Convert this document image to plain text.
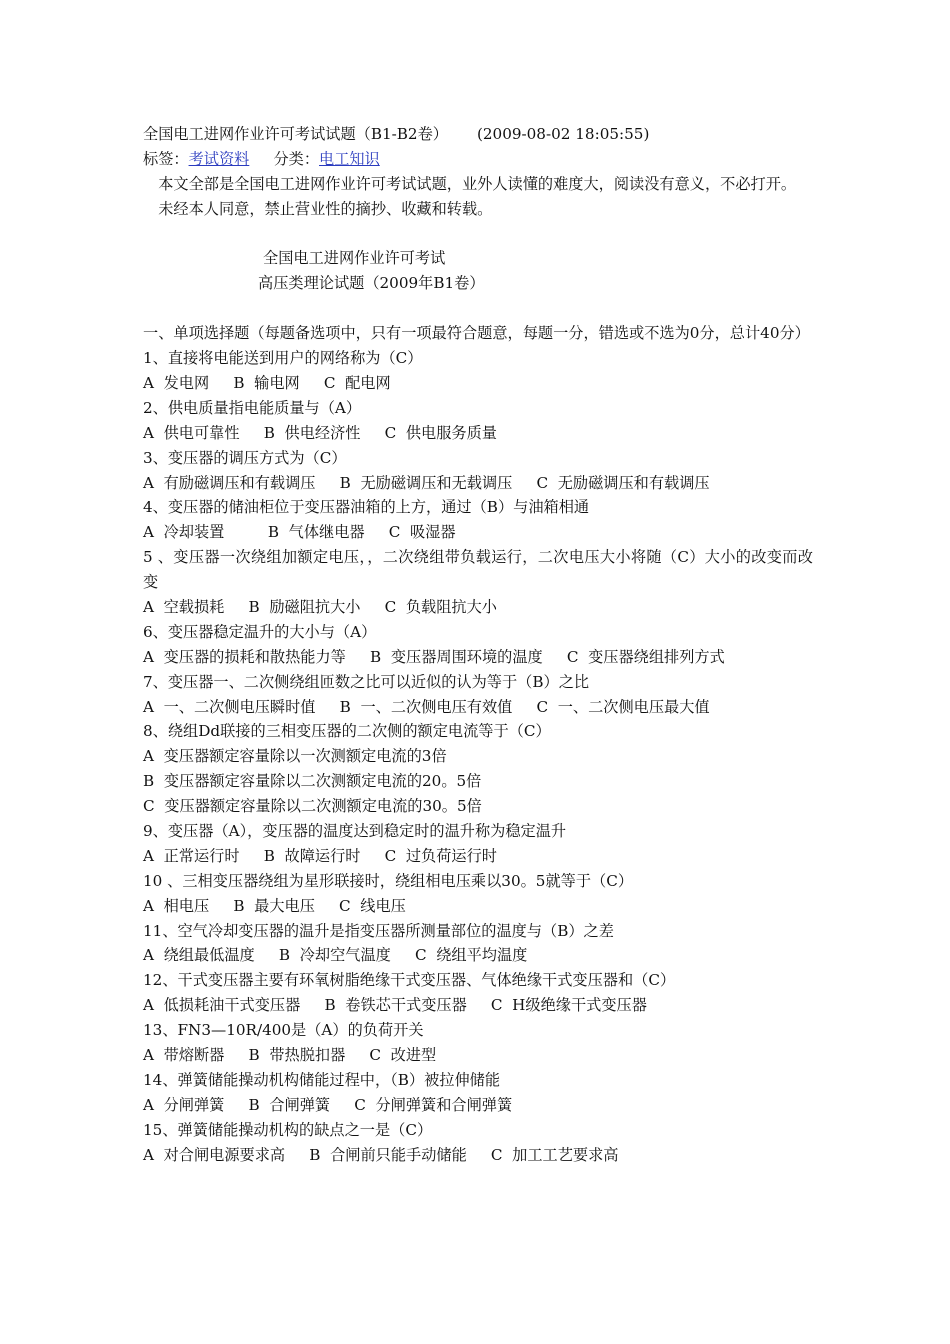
全国电工进网作业许可考试试题（B1-B2卷） (2009-08-02 18:05:55)
标签：考试资料 分类：电工知识
本文全部是全国电工进网作业许可考试试题，业外人读懂的难度大，阅读没有意义，不必打开。
未经本人同意，禁止营业性的摘抄、收藏和转载。
全国电工进网作业许可考试
高压类理论试题（2009年B1卷）
一、单项选择题（每题备选项中，只有一项最符合题意，每题一分，错选或不选为0分，总计40分）
1、直接将电能送到用户的网络称为（C）
A  发电网     B  输电网     C  配电网
2、供电质量指电能质量与（A）
A  供电可靠性     B  供电经济性     C  供电服务质量
3、变压器的调压方式为（C）
A  有励磁调压和有载调压     B  无励磁调压和无载调压     C  无励磁调压和有载调压
4、变压器的储油柜位于变压器油箱的上方，通过（B）与油箱相通
A  冷却装置         B  气体继电器     C  吸湿器
5 、变压器一次绕组加额定电压，，二次绕组带负载运行，二次电压大小将随（C）大小的改变而改变
A  空载损耗     B  励磁阻抗大小     C  负载阻抗大小
6、变压器稳定温升的大小与（A）
A  变压器的损耗和散热能力等     B  变压器周围环境的温度     C  变压器绕组排列方式
7、变压器一、二次侧绕组匝数之比可以近似的认为等于（B）之比
A  一、二次侧电压瞬时值     B  一、二次侧电压有效值     C  一、二次侧电压最大值
8、绕组Dd联接的三相变压器的二次侧的额定电流等于（C）
A  变压器额定容量除以一次测额定电流的3倍
B  变压器额定容量除以二次测额定电流的20。5倍
C  变压器额定容量除以二次测额定电流的30。5倍
9、变压器（A），变压器的温度达到稳定时的温升称为稳定温升
A  正常运行时     B  故障运行时     C  过负荷运行时
10 、三相变压器绕组为星形联接时，绕组相电压乘以30。5就等于（C）
A  相电压     B  最大电压     C  线电压
11、空气冷却变压器的温升是指变压器所测量部位的温度与（B）之差
A  绕组最低温度     B  冷却空气温度     C  绕组平均温度
12、干式变压器主要有环氧树脂绝缘干式变压器、气体绝缘干式变压器和（C）
A  低损耗油干式变压器     B  卷铁芯干式变压器     C  H级绝缘干式变压器
13、FN3—10R/400是（A）的负荷开关
A  带熔断器     B  带热脱扣器     C  改进型
14、弹簧储能操动机构储能过程中，（B）被拉伸储能
A  分闸弹簧     B  合闸弹簧     C  分闸弹簧和合闸弹簧
15、弹簧储能操动机构的缺点之一是（C）
A  对合闸电源要求高     B  合闸前只能手动储能     C  加工工艺要求高
